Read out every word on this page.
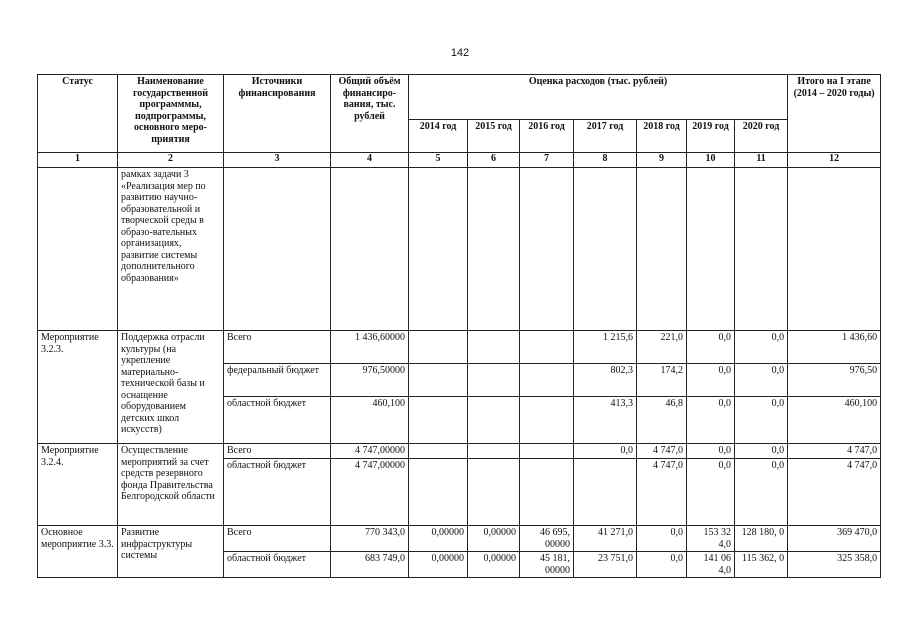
142
Статус	Наименование государственной программмы, подпрограммы, основного меро-приятия	Источники финансирования	Общий объём финансиро-вания, тыс. рублей	Оценка расходов (тыс. рублей)							Итого на I этапе (2014 – 2020 годы)
				2014 год	2015 год	2016 год	2017 год	2018 год	2019 год	2020 год	
1	2	3	4	5	6	7	8	9	10	11	12
	рамках задачи 3 «Реализация мер по развитию научно-образовательной и творческой среды в образо-вательных организациях, развитие системы дополнительного образования»										
Мероприятие 3.2.3.	Поддержка отрасли культуры (на укрепление материально-технической базы и оснащение оборудованием детских школ искусств)	Всего	1 436,60000				1 215,6	221,0	0,0	0,0	1 436,60
		федеральный бюджет	976,50000				802,3	174,2	0,0	0,0	976,50
		областной бюджет	460,100				413,3	46,8	0,0	0,0	460,100
Мероприятие 3.2.4.	Осуществление мероприятий за счет средств резервного фонда Правительства Белгородской области	Всего	4 747,00000				0,0	4 747,0	0,0	0,0	4 747,0
		областной бюджет	4 747,00000					4 747,0	0,0	0,0	4 747,0
Основное мероприятие 3.3.	Развитие инфраструктуры системы	Всего	770 343,0	0,00000	0,00000	46 695, 00000	41 271,0	0,0	153 32 4,0	128 180, 0	369 470,0
		областной бюджет	683 749,0	0,00000	0,00000	45 181, 00000	23 751,0	0,0	141 06 4,0	115 362, 0	325 358,0
